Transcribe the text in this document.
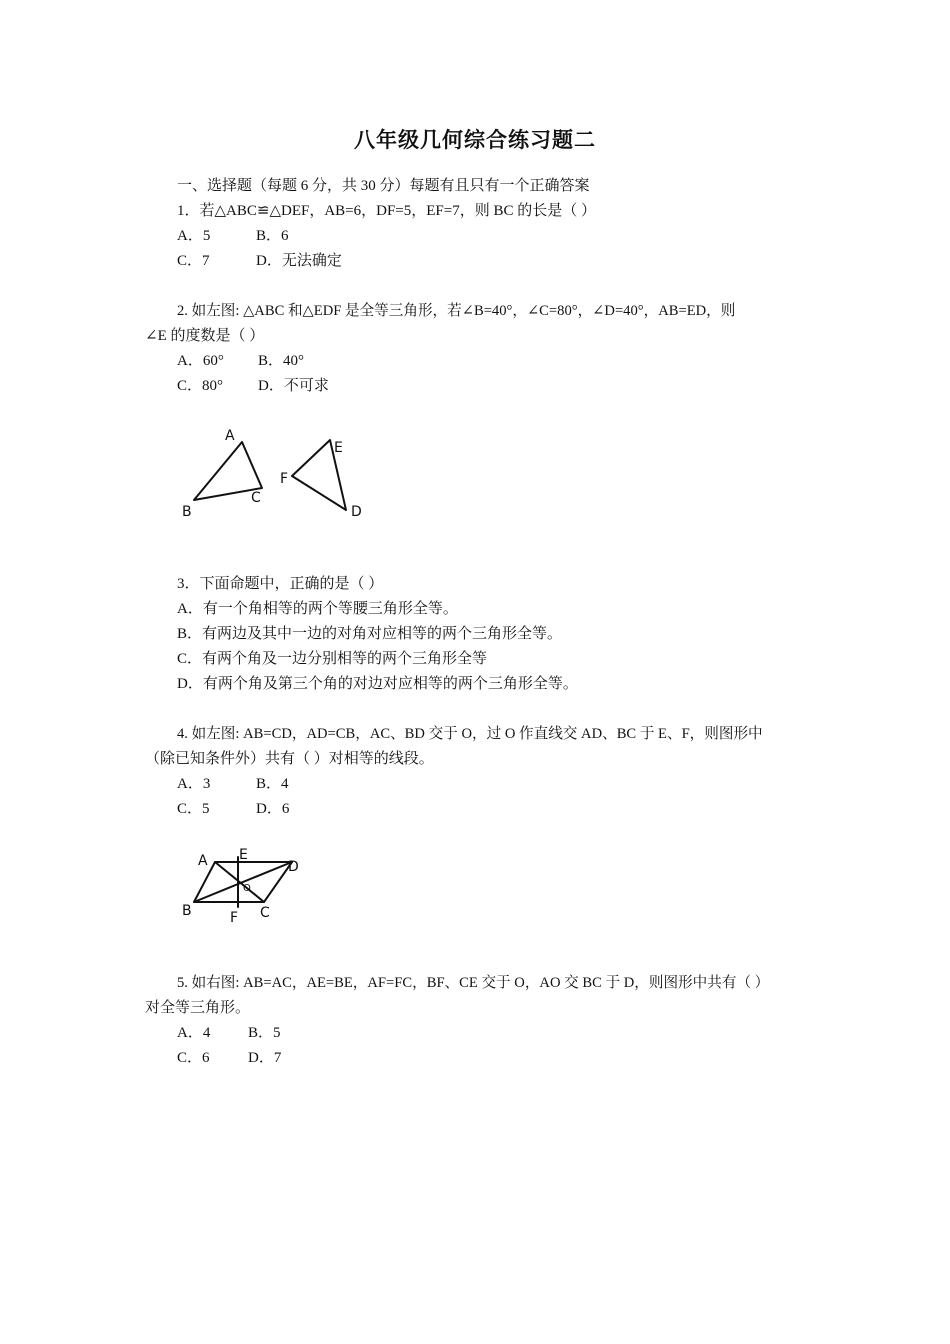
八年级几何综合练习题二
一、选择题（每题 6 分，共 30 分）每题有且只有一个正确答案
1．若△ABC≌△DEF，AB=6，DF=5，EF=7，则 BC 的长是（ ）
A．5	B．6
C．7	D．无法确定
2. 如左图: △ABC 和△EDF 是全等三角形，若∠B=40°，∠C=80°，∠D=40°，AB=ED，则
∠E 的度数是（ ）
A．60° B．40°
C．80° D．不可求
A
B
C
E
F
D
3．下面命题中，正确的是（ ）
A．有一个角相等的两个等腰三角形全等。
B．有两边及其中一边的对角对应相等的两个三角形全等。
C．有两个角及一边分别相等的两个三角形全等
D．有两个角及第三个角的对边对应相等的两个三角形全等。
4. 如左图: AB=CD，AD=CB，AC、BD 交于 O，过 O 作直线交 AD、BC 于 E、F，则图形中
（除已知条件外）共有（ ）对相等的线段。
A．3	B．4
C．5	D．6
A E
D
O
B	F C
5. 如右图: AB=AC，AE=BE，AF=FC，BF、CE 交于 O，AO 交 BC 于 D，则图形中共有（ ）
对全等三角形。
A．4	B．5
C．6	D．7
